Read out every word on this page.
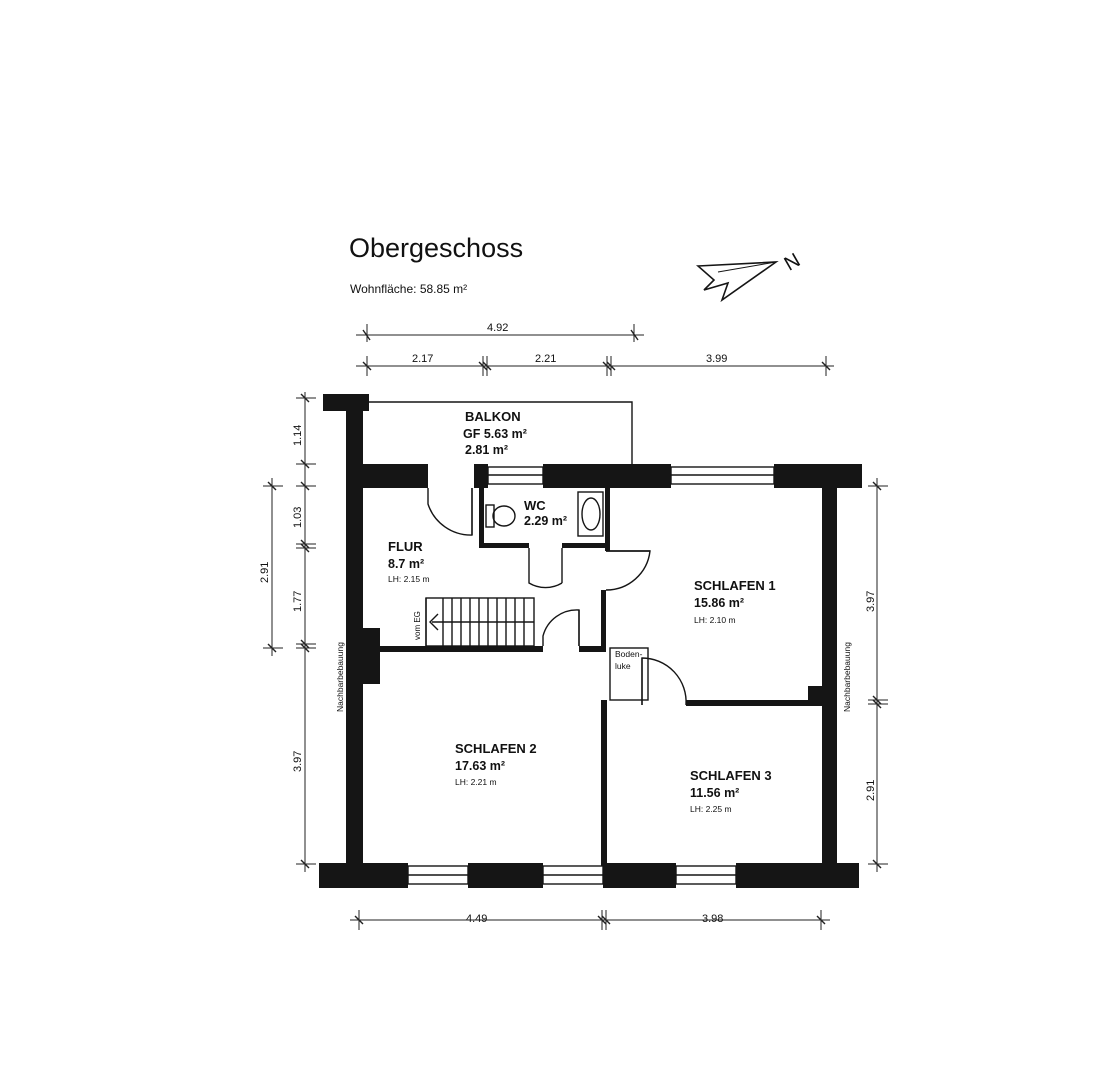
Obergeschoss
Wohnfläche: 58.85 m²
N
4.92
2.17	2.21	3.99
1.14
1.03
1.77
3.97
2.91
3.97
2.91
4.49	3.98
vom EG
BALKON
GF 5.63 m²
2.81 m²
WC
2.29 m²
FLUR
8.7 m²
LH: 2.15 m	SCHLAFEN 1
15.86 m²
LH: 2.10 m
SCHLAFEN 2
17.63 m²
LH: 2.21 m	SCHLAFEN 3
11.56 m²
LH: 2.25 m
Boden-
luke
Nachbarbebauung	Nachbarbebauung
